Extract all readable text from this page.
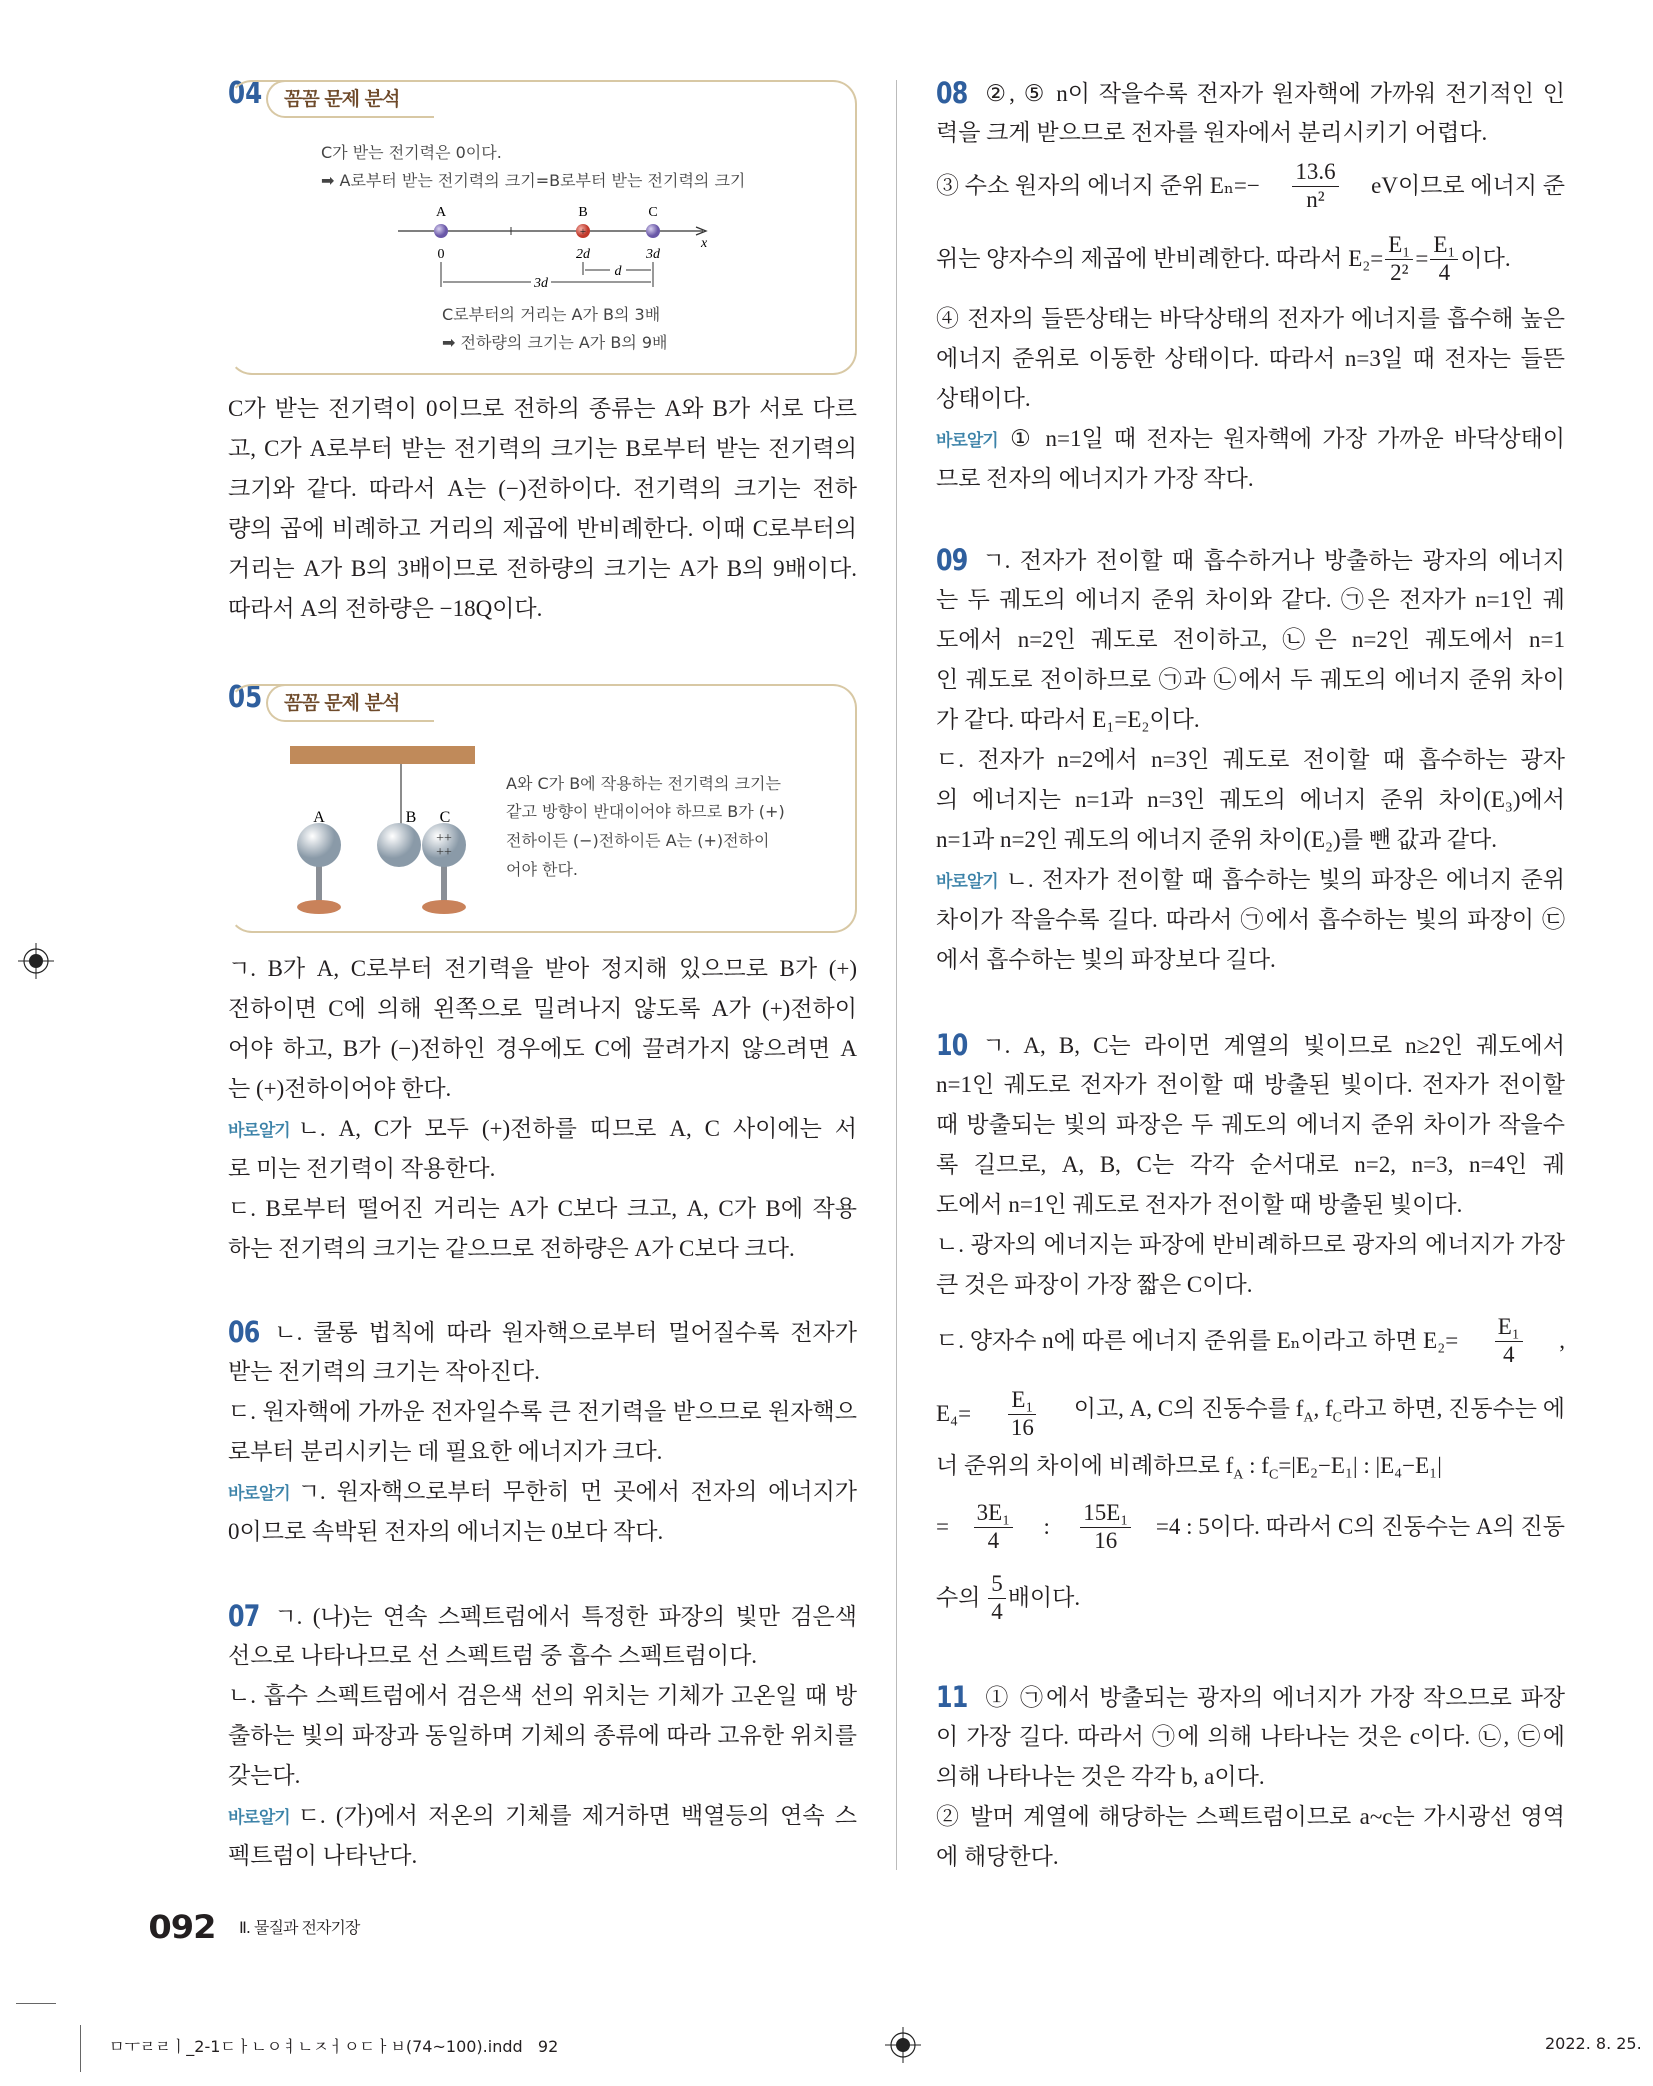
04
C가 받는 전기력은 0이다.
➡ A로부터 받는 전기력의 크기=B로부터 받는 전기력의 크기
+
A	B	C
0	2d	3d
x
3d
d
C로부터의 거리는 A가 B의 3배
➡ 전하량의 크기는 A가 B의 9배
꼼꼼 문제 분석
C가 받는 전기력이 0이므로 전하의 종류는 A와 B가 서로 다르
고, C가 A로부터 받는 전기력의 크기는 B로부터 받는 전기력의
크기와 같다. 따라서 A는 (−)전하이다. 전기력의 크기는 전하
량의 곱에 비례하고 거리의 제곱에 반비례한다. 이때 C로부터의
거리는 A가 B의 3배이므로 전하량의 크기는 A가 B의 9배이다.
따라서 A의 전하량은 −18Q이다.
05
++
++
A	B C
A와 C가 B에 작용하는 전기력의 크기는
같고 방향이 반대이어야 하므로 B가 (+)
전하이든 (−)전하이든 A는 (+)전하이
어야 한다.
꼼꼼 문제 분석
ㄱ. B가 A, C로부터 전기력을 받아 정지해 있으므로 B가 (+)
전하이면 C에 의해 왼쪽으로 밀려나지 않도록 A가 (+)전하이
어야 하고, B가 (−)전하인 경우에도 C에 끌려가지 않으려면 A
는 (+)전하이어야 한다.
바로알기 ㄴ. A, C가 모두 (+)전하를 띠므로 A, C 사이에는 서
로 미는 전기력이 작용한다.
ㄷ. B로부터 떨어진 거리는 A가 C보다 크고, A, C가 B에 작용
하는 전기력의 크기는 같으므로 전하량은 A가 C보다 크다.
06 ㄴ. 쿨롱 법칙에 따라 원자핵으로부터 멀어질수록 전자가
받는 전기력의 크기는 작아진다.
ㄷ. 원자핵에 가까운 전자일수록 큰 전기력을 받으므로 원자핵으
로부터 분리시키는 데 필요한 에너지가 크다.
바로알기 ㄱ. 원자핵으로부터 무한히 먼 곳에서 전자의 에너지가
0이므로 속박된 전자의 에너지는 0보다 작다.
07 ㄱ. (나)는 연속 스펙트럼에서 특정한 파장의 빛만 검은색
선으로 나타나므로 선 스펙트럼 중 흡수 스펙트럼이다.
ㄴ. 흡수 스펙트럼에서 검은색 선의 위치는 기체가 고온일 때 방
출하는 빛의 파장과 동일하며 기체의 종류에 따라 고유한 위치를
갖는다.
바로알기 ㄷ. (가)에서 저온의 기체를 제거하면 백열등의 연속 스
펙트럼이 나타난다.
08 ②, ⑤ n이 작을수록 전자가 원자핵에 가까워 전기적인 인
력을 크게 받으므로 전자를 원자에서 분리시키기 어렵다.
③ 수소 원자의 에너지 준위 $E_n=- \frac{13.6}{\text{n²}}$ eV이므로 에너지 준
위는 양자수의 제곱에 반비례한다. 따라서 $E_2= \frac{\text{E₁}}{\text{2²}} = \frac{\text{E₁}}{4}$ 이다.
④ 전자의 들뜬상태는 바닥상태의 전자가 에너지를 흡수해 높은
에너지 준위로 이동한 상태이다. 따라서 n=3일 때 전자는 들뜬
상태이다.
바로알기 ① n=1일 때 전자는 원자핵에 가장 가까운 바닥상태이
므로 전자의 에너지가 가장 작다.
09 ㄱ. 전자가 전이할 때 흡수하거나 방출하는 광자의 에너지
는 두 궤도의 에너지 준위 차이와 같다. ㉠은 전자가 n=1인 궤
도에서 n=2인 궤도로 전이하고, ㉡은 n=2인 궤도에서 n=1
인 궤도로 전이하므로 ㉠과 ㉡에서 두 궤도의 에너지 준위 차이
가 같다. 따라서 E₁=E₂이다.
ㄷ. 전자가 n=2에서 n=3인 궤도로 전이할 때 흡수하는 광자
의 에너지는 n=1과 n=3인 궤도의 에너지 준위 차이(E₃)에서
n=1과 n=2인 궤도의 에너지 준위 차이(E₂)를 뺀 값과 같다.
바로알기 ㄴ. 전자가 전이할 때 흡수하는 빛의 파장은 에너지 준위
차이가 작을수록 길다. 따라서 ㉠에서 흡수하는 빛의 파장이 ㉢
에서 흡수하는 빛의 파장보다 길다.
10 ㄱ. A, B, C는 라이먼 계열의 빛이므로 n≥2인 궤도에서
n=1인 궤도로 전자가 전이할 때 방출된 빛이다. 전자가 전이할
때 방출되는 빛의 파장은 두 궤도의 에너지 준위 차이가 작을수
록 길므로, A, B, C는 각각 순서대로 n=2, n=3, n=4인 궤
도에서 n=1인 궤도로 전자가 전이할 때 방출된 빛이다.
ㄴ. 광자의 에너지는 파장에 반비례하므로 광자의 에너지가 가장
큰 것은 파장이 가장 짧은 C이다.
ㄷ. 양자수 n에 따른 에너지 준위를 Eₙ이라고 하면 $E_2= \frac{\text{E₁}}{4}$ ,
$E_4= \frac{\text{E₁}}{16}$ 이고, A, C의 진동수를 $f_A$, $f_C$라고 하면, 진동수는 에
너 준위의 차이에 비례하므로 $f_A$ : $f_C=|E_2-E_1|$ : |E₄−E₁|
= $\frac{\text{3E₁}}{4}$ : $\frac{\text{15E₁}}{16} =4$ : 5이다. 따라서 C의 진동수는 A의 진동
수의 $\frac{5}{4}$ 배이다.
11 ① ㉠에서 방출되는 광자의 에너지가 가장 작으므로 파장
이 가장 길다. 따라서 ㉠에 의해 나타나는 것은 c이다. ㉡, ㉢에
의해 나타나는 것은 각각 b, a이다.
② 발머 계열에 해당하는 스펙트럼이므로 a~c는 가시광선 영역
에 해당한다.
092 Ⅱ. 물질과 전자기장
ㅁㅜㄹㄹㅣ_2-1ㄷㅏㄴㅇㅕㄴㅈㅓㅇㄷㅏㅂ(74~100).indd   92	2022. 8. 25.
